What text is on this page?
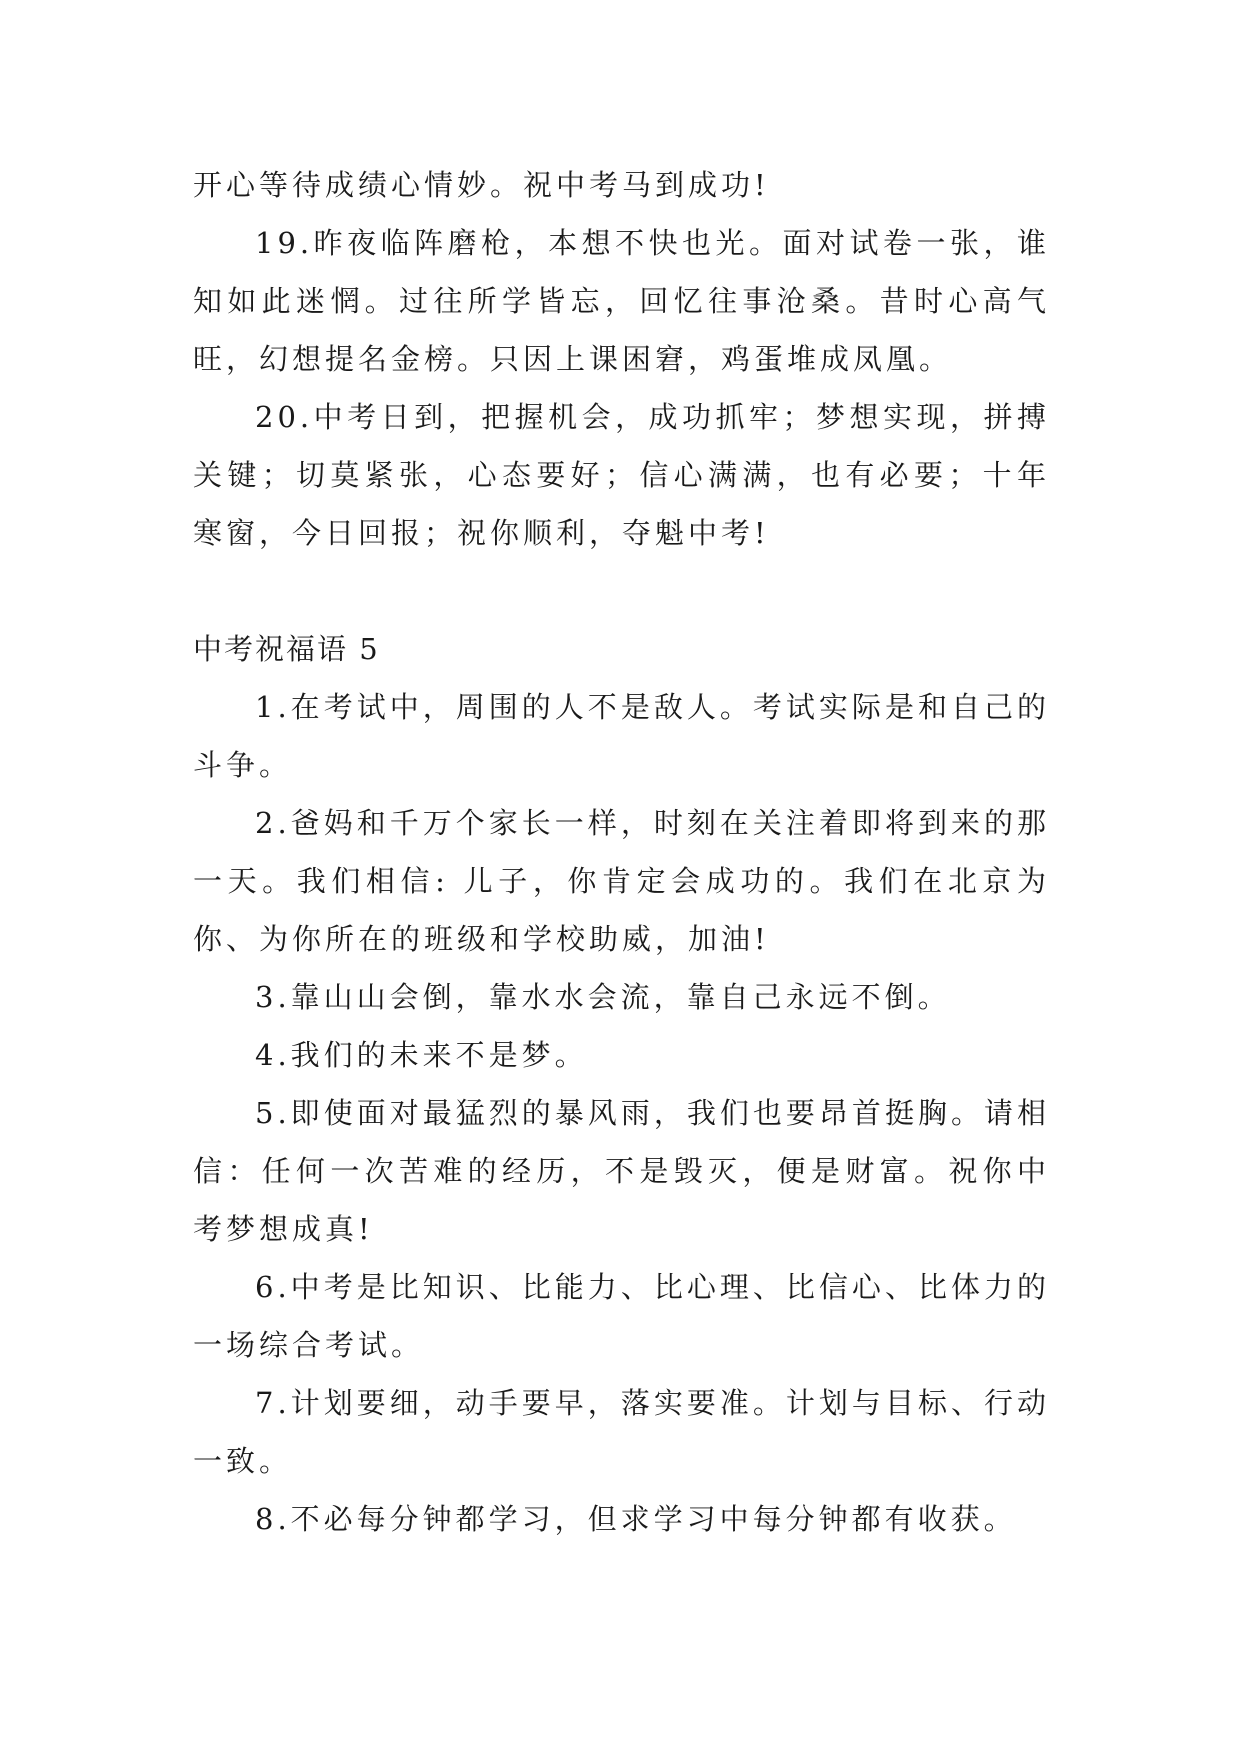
开心等待成绩心情妙。祝中考马到成功!

19.昨夜临阵磨枪，本想不快也光。面对试卷一张，谁知如此迷惘。过往所学皆忘，回忆往事沧桑。昔时心高气旺，幻想提名金榜。只因上课困窘，鸡蛋堆成凤凰。

20.中考日到，把握机会，成功抓牢；梦想实现，拼搏关键；切莫紧张，心态要好；信心满满，也有必要；十年寒窗，今日回报；祝你顺利，夺魁中考!

中考祝福语 5

1.在考试中，周围的人不是敌人。考试实际是和自己的斗争。

2.爸妈和千万个家长一样，时刻在关注着即将到来的那一天。我们相信: 儿子，你肯定会成功的。我们在北京为你、为你所在的班级和学校助威，加油!

3.靠山山会倒，靠水水会流，靠自己永远不倒。

4.我们的未来不是梦。

5.即使面对最猛烈的暴风雨，我们也要昂首挺胸。请相信：任何一次苦难的经历，不是毁灭，便是财富。祝你中考梦想成真!

6.中考是比知识、比能力、比心理、比信心、比体力的一场综合考试。

7.计划要细，动手要早，落实要准。计划与目标、行动一致。

8.不必每分钟都学习，但求学习中每分钟都有收获。
